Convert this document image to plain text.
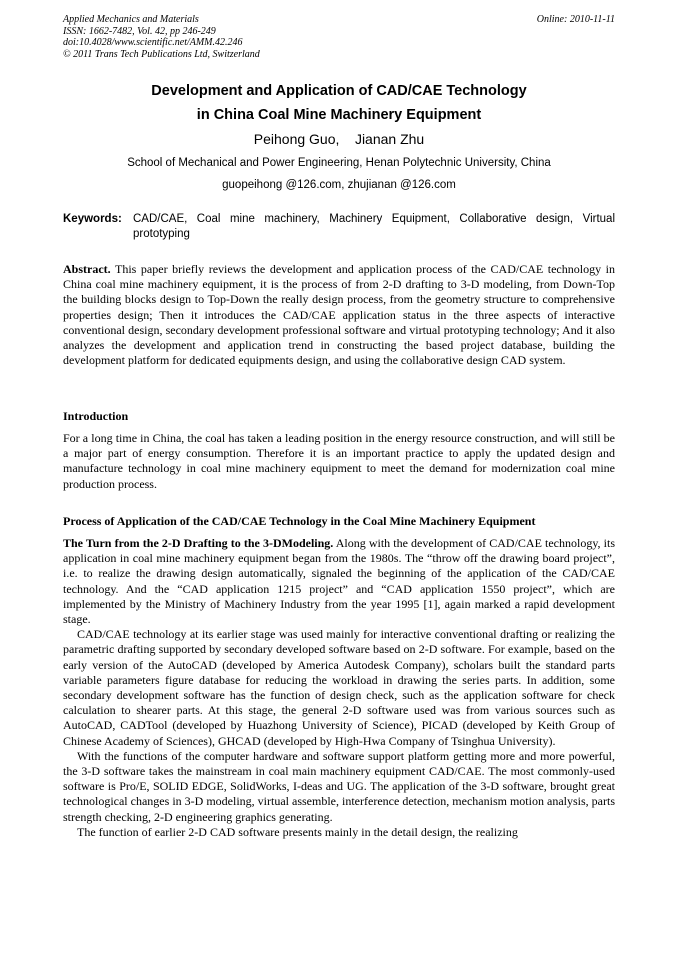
Applied Mechanics and Materials
ISSN: 1662-7482, Vol. 42, pp 246-249
doi:10.4028/www.scientific.net/AMM.42.246
© 2011 Trans Tech Publications Ltd, Switzerland
Online: 2010-11-11
Development and Application of CAD/CAE Technology
in China Coal Mine Machinery Equipment
Peihong Guo,    Jianan Zhu
School of Mechanical and Power Engineering, Henan Polytechnic University, China
guopeihong @126.com, zhujianan @126.com
Keywords: CAD/CAE, Coal mine machinery, Machinery Equipment, Collaborative design, Virtual prototyping

Abstract. This paper briefly reviews the development and application process of the CAD/CAE technology in China coal mine machinery equipment, it is the process of from 2-D drafting to 3-D modeling, from Down-Top the building blocks design to Top-Down the really design process, from the geometry structure to comprehensive properties design; Then it introduces the CAD/CAE application status in the three aspects of interactive conventional design, secondary development professional software and virtual prototyping technology; And it also analyzes the development and application trend in constructing the based project database, building the development platform for dedicated equipments design, and using the collaborative design CAD system.

Introduction
For a long time in China, the coal has taken a leading position in the energy resource construction, and will still be a major part of energy consumption. Therefore it is an important practice to apply the updated design and manufacture technology in coal mine machinery equipment to meet the demand for modernization coal mine production process.
Process of Application of the CAD/CAE Technology in the Coal Mine Machinery Equipment

The Turn from the 2-D Drafting to the 3-DModeling. Along with the development of CAD/CAE technology, its application in coal mine machinery equipment began from the 1980s. The “throw off the drawing board project”, i.e. to realize the drawing design automatically, signaled the beginning of the application of the CAD/CAE technology. And the “CAD application 1215 project” and “CAD application 1550 project”, which are implemented by the Ministry of Machinery Industry from the year 1995 [1], again marked a rapid development stage.

CAD/CAE technology at its earlier stage was used mainly for interactive conventional drafting or realizing the parametric drafting supported by secondary developed software based on 2-D software. For example, based on the early version of the AutoCAD (developed by America Autodesk Company), scholars built the standard parts variable parameters figure database for reducing the workload in drawing the series parts. In addition, some secondary development software has the function of design check, such as the application software for check calculation to shearer parts. At this stage, the general 2-D software used was from various sources such as AutoCAD, CADTool (developed by Huazhong University of Science), PICAD (developed by Keith Group of Chinese Academy of Sciences), GHCAD (developed by High-Hwa Company of Tsinghua University).

With the functions of the computer hardware and software support platform getting more and more powerful, the 3-D software takes the mainstream in coal main machinery equipment CAD/CAE. The most commonly-used software is Pro/E, SOLID EDGE, SolidWorks, I-deas and UG. The application of the 3-D software, brought great technological changes in 3-D modeling, virtual assemble, interference detection, mechanism motion analysis, parts strength checking, 2-D engineering graphics generating.

The function of earlier 2-D CAD software presents mainly in the detail design, the realizing
